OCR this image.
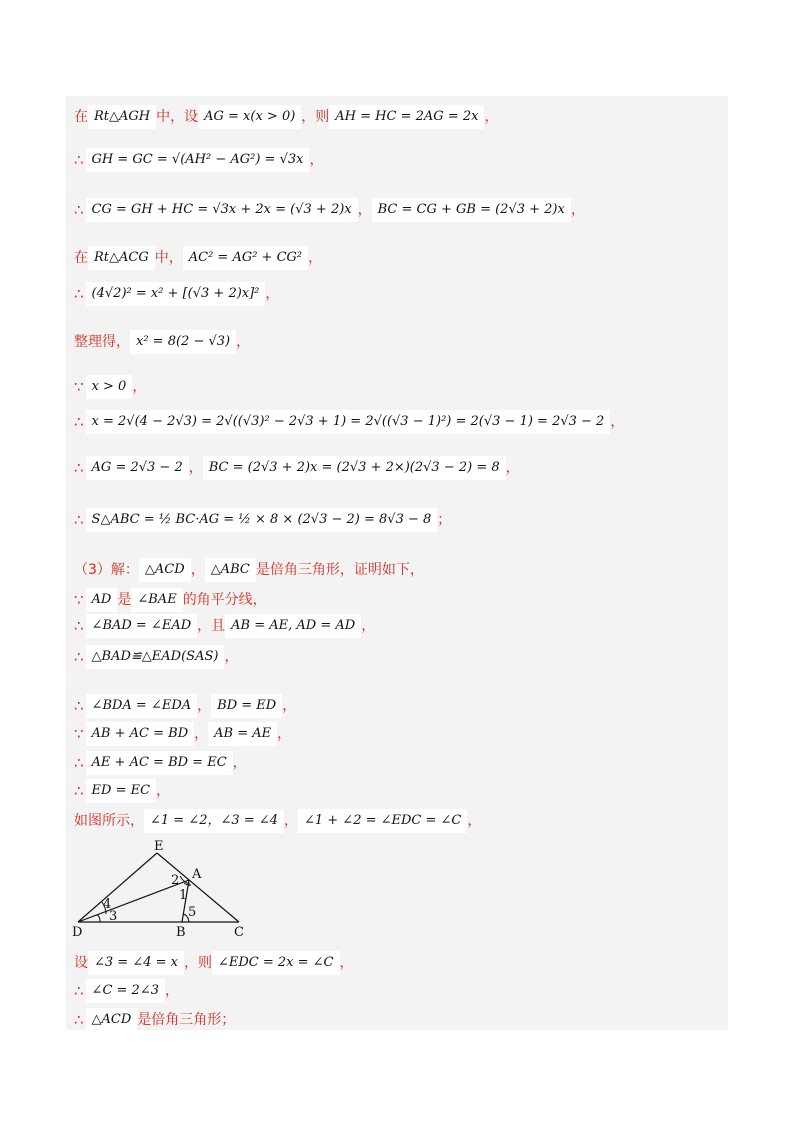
在 Rt△AGH 中，设 AG = x(x > 0) ，则 AH = HC = 2AG = 2x ，
∴ GH = GC = √(AH² − AG²) = √3x ，
∴ CG = GH + HC = √3x + 2x = (√3 + 2)x ， BC = CG + GB = (2√3 + 2)x ，
在 Rt△ACG 中， AC² = AG² + CG² ，
∴ (4√2)² = x² + [(√3 + 2)x]² ，
整理得， x² = 8(2 − √3) ，
∵ x > 0 ，
∴ x = 2√(4 − 2√3) = 2√((√3)² − 2√3 + 1) = 2√((√3 − 1)²) = 2(√3 − 1) = 2√3 − 2 ，
∴ AG = 2√3 − 2 ， BC = (2√3 + 2)x = (2√3 + 2×)(2√3 − 2) = 8 ，
∴ S△ABC = ½ BC·AG = ½ × 8 × (2√3 − 2) = 8√3 − 8 ；
（3）解： △ACD ， △ABC 是倍角三角形，证明如下，
∵ AD 是 ∠BAE 的角平分线，
∴ ∠BAD = ∠EAD ，且 AB = AE, AD = AD ，
∴ △BAD≌△EAD(SAS) ，
∴ ∠BDA = ∠EDA ， BD = ED ，
∵ AB + AC = BD ， AB = AE ，
∴ AE + AC = BD = EC ，
∴ ED = EC ，
如图所示， ∠1 = ∠2，∠3 = ∠4 ， ∠1 + ∠2 = ∠EDC = ∠C ，
设 ∠3 = ∠4 = x ，则 ∠EDC = 2x = ∠C ，
∴ ∠C = 2∠3 ，
∴ △ACD 是倍角三角形；
E
A
D	B	C
1
2
3
4
5
